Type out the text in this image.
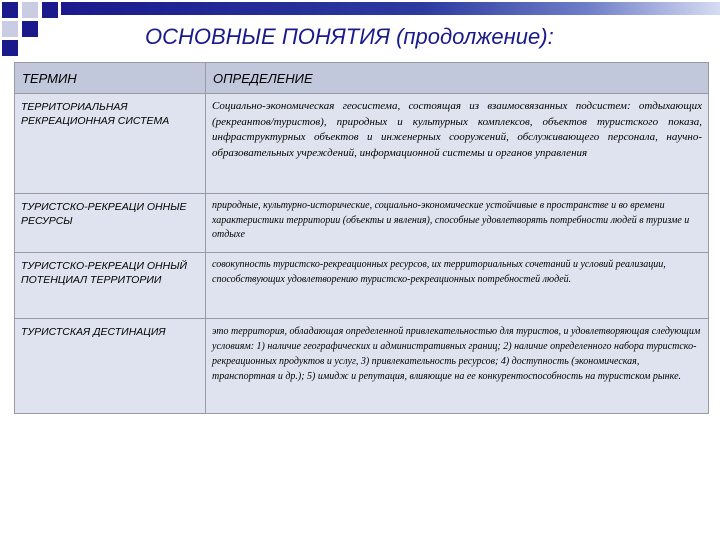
ОСНОВНЫЕ ПОНЯТИЯ (продолжение):
ТЕРМИН	ОПРЕДЕЛЕНИЕ
ТЕРРИТОРИАЛЬНАЯ РЕКРЕАЦИОННАЯ СИСТЕМА	Социально-экономическая геосистема, состоящая из взаимосвязанных подсистем: отдыхающих (рекреантов/туристов), природных и культурных комплексов, объектов туристского показа, инфраструктурных объектов и инженерных сооружений, обслуживающего персонала, научно-образовательных учреждений, информационной системы и органов управления
ТУРИСТСКО-РЕКРЕАЦИ ОННЫЕ РЕСУРСЫ	природные, культурно-исторические, социально-экономические устойчивые в пространстве и во времени характеристики территории (объекты и явления), способные удовлетворять потребности людей в туризме и отдыхе
ТУРИСТСКО-РЕКРЕАЦИ ОННЫЙ ПОТЕНЦИАЛ ТЕРРИТОРИИ	совокупность туристско-рекреационных ресурсов, их территориальных сочетаний и условий реализации, способствующих удовлетворению туристско-рекреационных потребностей людей.
ТУРИСТСКАЯ ДЕСТИНАЦИЯ	это территория, обладающая определенной привлекательностью для туристов, и удовлетворяющая следующим условиям: 1) наличие географических и административных границ; 2) наличие определенного набора туристско-рекреационных продуктов и услуг, 3) привлекательность ресурсов; 4) доступность (экономическая, транспортная и др.); 5) имидж и репутация, влияющие на ее конкурентоспособность на туристском рынке.
